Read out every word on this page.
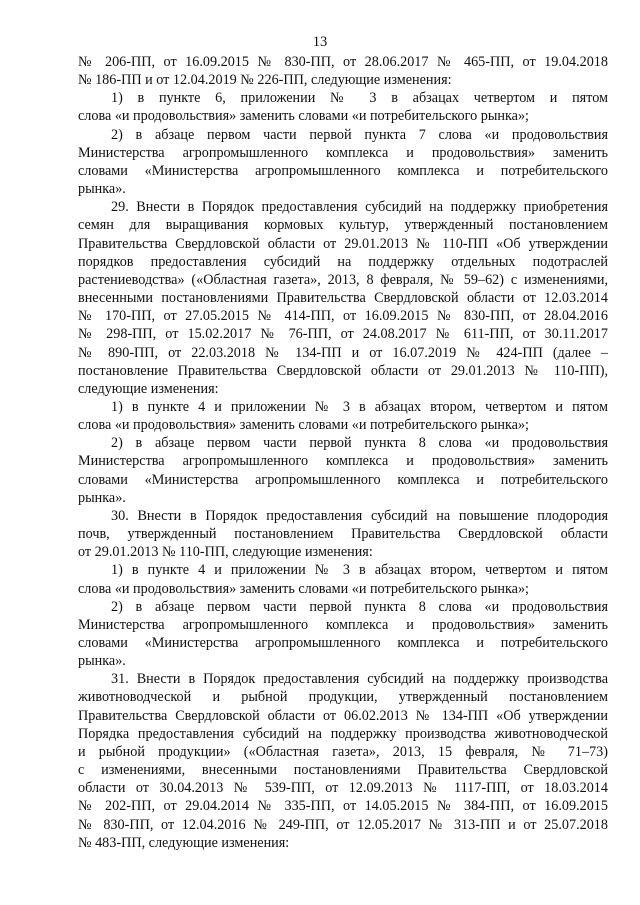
13
№ 206-ПП, от 16.09.2015 № 830-ПП, от 28.06.2017 № 465-ПП, от 19.04.2018
№ 186-ПП и от 12.04.2019 № 226-ПП, следующие изменения:
1) в пункте 6, приложении № 3 в абзацах четвертом и пятом
слова «и продовольствия» заменить словами «и потребительского рынка»;
2) в абзаце первом части первой пункта 7 слова «и продовольствия
Министерства агропромышленного комплекса и продовольствия» заменить
словами «Министерства агропромышленного комплекса и потребительского
рынка».
29. Внести в Порядок предоставления субсидий на поддержку приобретения
семян для выращивания кормовых культур, утвержденный постановлением
Правительства Свердловской области от 29.01.2013 № 110-ПП «Об утверждении
порядков предоставления субсидий на поддержку отдельных подотраслей
растениеводства» («Областная газета», 2013, 8 февраля, № 59–62) с изменениями,
внесенными постановлениями Правительства Свердловской области от 12.03.2014
№ 170-ПП, от 27.05.2015 № 414-ПП, от 16.09.2015 № 830-ПП, от 28.04.2016
№ 298-ПП, от 15.02.2017 № 76-ПП, от 24.08.2017 № 611-ПП, от 30.11.2017
№ 890-ПП, от 22.03.2018 № 134-ПП и от 16.07.2019 № 424-ПП (далее –
постановление Правительства Свердловской области от 29.01.2013 № 110-ПП),
следующие изменения:
1) в пункте 4 и приложении № 3 в абзацах втором, четвертом и пятом
слова «и продовольствия» заменить словами «и потребительского рынка»;
2) в абзаце первом части первой пункта 8 слова «и продовольствия
Министерства агропромышленного комплекса и продовольствия» заменить
словами «Министерства агропромышленного комплекса и потребительского
рынка».
30. Внести в Порядок предоставления субсидий на повышение плодородия
почв, утвержденный постановлением Правительства Свердловской области
от 29.01.2013 № 110-ПП, следующие изменения:
1) в пункте 4 и приложении № 3 в абзацах втором, четвертом и пятом
слова «и продовольствия» заменить словами «и потребительского рынка»;
2) в абзаце первом части первой пункта 8 слова «и продовольствия
Министерства агропромышленного комплекса и продовольствия» заменить
словами «Министерства агропромышленного комплекса и потребительского
рынка».
31. Внести в Порядок предоставления субсидий на поддержку производства
животноводческой и рыбной продукции, утвержденный постановлением
Правительства Свердловской области от 06.02.2013 № 134-ПП «Об утверждении
Порядка предоставления субсидий на поддержку производства животноводческой
и рыбной продукции» («Областная газета», 2013, 15 февраля, № 71–73)
с изменениями, внесенными постановлениями Правительства Свердловской
области от 30.04.2013 № 539-ПП, от 12.09.2013 № 1117-ПП, от 18.03.2014
№ 202-ПП, от 29.04.2014 № 335-ПП, от 14.05.2015 № 384-ПП, от 16.09.2015
№ 830-ПП, от 12.04.2016 № 249-ПП, от 12.05.2017 № 313-ПП и от 25.07.2018
№ 483-ПП, следующие изменения:
